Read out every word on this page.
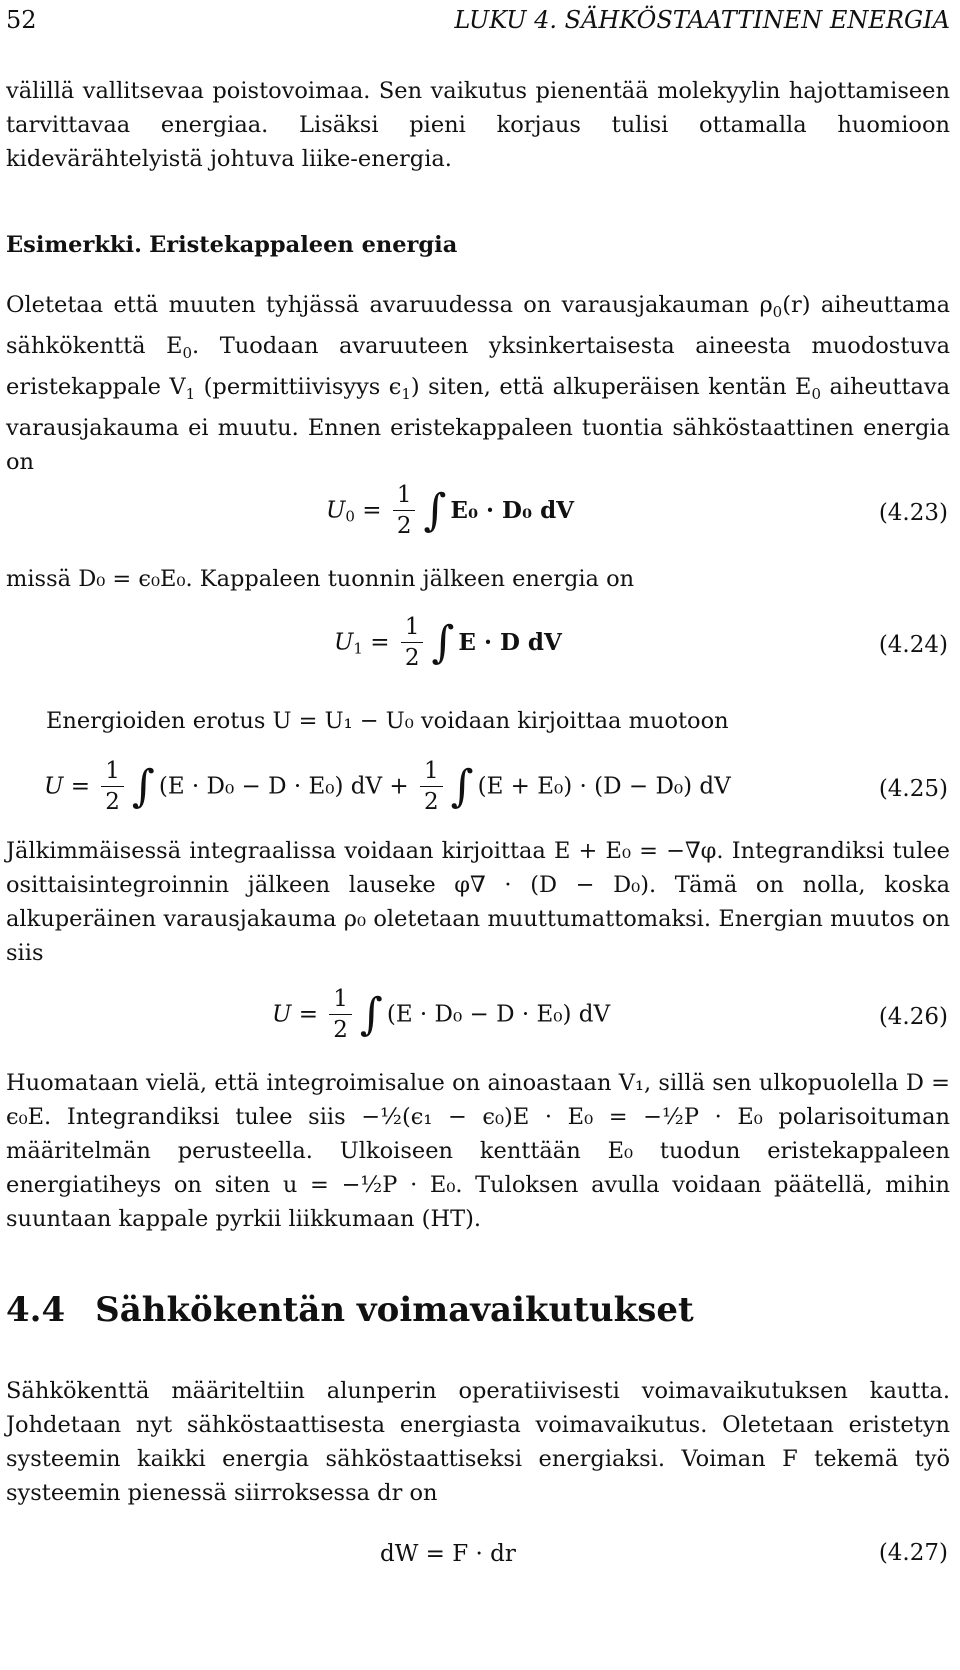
52	LUKU 4. SÄHKÖSTAATTINEN ENERGIA
välillä vallitsevaa poistovoimaa. Sen vaikutus pienentää molekyylin hajottamiseen tarvittavaa energiaa. Lisäksi pieni korjaus tulisi ottamalla huomioon kidevärähtelyistä johtuva liike-energia.
Esimerkki. Eristekappaleen energia
Oletetaa että muuten tyhjässä avaruudessa on varausjakauman $\rho_0(r)$ aiheuttama sähkökenttä $E_0$. Tuodaan avaruuteen yksinkertaisesta aineesta muodostuva eristekappale $V_1$ (permittiivisyys $\epsilon_1$) siten, että alkuperäisen kentän $E_0$ aiheuttava varausjakauma ei muutu. Ennen eristekappaleen tuontia sähköstaattinen energia on
$U_0 = \frac{1}{2}$ ∫ E₀ · D₀ dV	(4.23)
missä D₀ = ϵ₀E₀. Kappaleen tuonnin jälkeen energia on
$U_1 = \frac{1}{2}$ ∫ E · D dV	(4.24)
Energioiden erotus U = U₁ − U₀ voidaan kirjoittaa muotoon
$U = \frac{1}{2}$ ∫ (E · D₀ − D · E₀) dV + $\frac{1}{2}$ ∫ (E + E₀) · (D − D₀) dV	(4.25)
Jälkimmäisessä integraalissa voidaan kirjoittaa E + E₀ = −∇φ. Integrandiksi tulee osittaisintegroinnin jälkeen lauseke φ∇ · (D − D₀). Tämä on nolla, koska alkuperäinen varausjakauma ρ₀ oletetaan muuttumattomaksi. Energian muutos on siis
$U = \frac{1}{2}$ ∫ (E · D₀ − D · E₀) dV	(4.26)
Huomataan vielä, että integroimisalue on ainoastaan V₁, sillä sen ulkopuolella D = ϵ₀E. Integrandiksi tulee siis −½(ϵ₁ − ϵ₀)E · E₀ = −½P · E₀ polarisoituman määritelmän perusteella. Ulkoiseen kenttään E₀ tuodun eristekappaleen energiatiheys on siten u = −½P · E₀. Tuloksen avulla voidaan päätellä, mihin suuntaan kappale pyrkii liikkumaan (HT).
4.4 Sähkökentän voimavaikutukset
Sähkökenttä määriteltiin alunperin operatiivisesti voimavaikutuksen kautta. Johdetaan nyt sähköstaattisesta energiasta voimavaikutus. Oletetaan eristetyn systeemin kaikki energia sähköstaattiseksi energiaksi. Voiman F tekemä työ systeemin pienessä siirroksessa dr on
dW = F · dr	(4.27)
